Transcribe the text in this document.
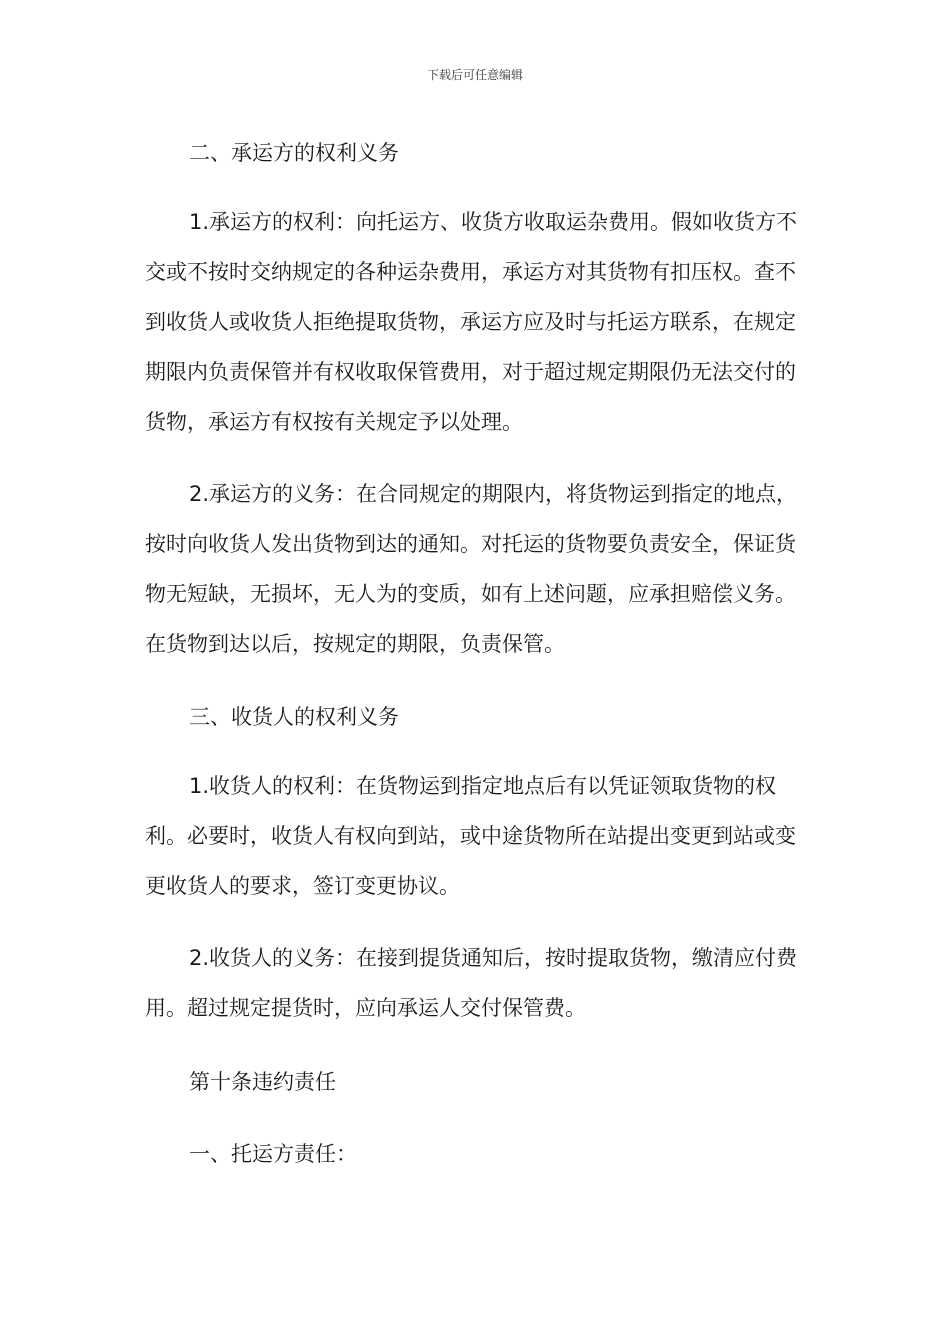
下载后可任意编辑
二、承运方的权利义务
1.承运方的权利：向托运方、收货方收取运杂费用。假如收货方不交或不按时交纳规定的各种运杂费用，承运方对其货物有扣压权。查不到收货人或收货人拒绝提取货物，承运方应及时与托运方联系，在规定期限内负责保管并有权收取保管费用，对于超过规定期限仍无法交付的货物，承运方有权按有关规定予以处理。
2.承运方的义务：在合同规定的期限内，将货物运到指定的地点，按时向收货人发出货物到达的通知。对托运的货物要负责安全，保证货物无短缺，无损坏，无人为的变质，如有上述问题，应承担赔偿义务。在货物到达以后，按规定的期限，负责保管。
三、收货人的权利义务
1.收货人的权利：在货物运到指定地点后有以凭证领取货物的权利。必要时，收货人有权向到站，或中途货物所在站提出变更到站或变更收货人的要求，签订变更协议。
2.收货人的义务：在接到提货通知后，按时提取货物，缴清应付费用。超过规定提货时，应向承运人交付保管费。
第十条违约责任
一、托运方责任：
